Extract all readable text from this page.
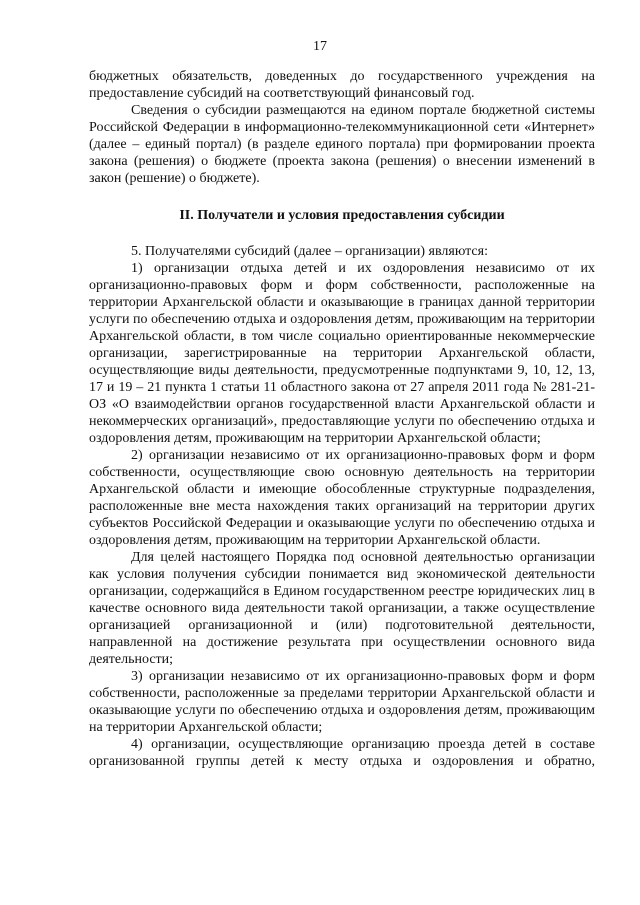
17

бюджетных обязательств, доведенных до государственного учреждения на предоставление субсидий на соответствующий финансовый год.

Сведения о субсидии размещаются на едином портале бюджетной системы Российской Федерации в информационно-телекоммуникационной сети «Интернет» (далее – единый портал) (в разделе единого портала) при формировании проекта закона (решения) о бюджете (проекта закона (решения) о внесении изменений в закон (решение) о бюджете).

II. Получатели и условия предоставления субсидии

5. Получателями субсидий (далее – организации) являются:

1) организации отдыха детей и их оздоровления независимо от их организационно-правовых форм и форм собственности, расположенные на территории Архангельской области и оказывающие в границах данной территории услуги по обеспечению отдыха и оздоровления детям, проживающим на территории Архангельской области, в том числе социально ориентированные некоммерческие организации, зарегистрированные на территории Архангельской области, осуществляющие виды деятельности, предусмотренные подпунктами 9, 10, 12, 13, 17 и 19 – 21 пункта 1 статьи 11 областного закона от 27 апреля 2011 года № 281-21-ОЗ «О взаимодействии органов государственной власти Архангельской области и некоммерческих организаций», предоставляющие услуги по обеспечению отдыха и оздоровления детям, проживающим на территории Архангельской области;

2) организации независимо от их организационно-правовых форм и форм собственности, осуществляющие свою основную деятельность на территории Архангельской области и имеющие обособленные структурные подразделения, расположенные вне места нахождения таких организаций на территории других субъектов Российской Федерации и оказывающие услуги по обеспечению отдыха и оздоровления детям, проживающим на территории Архангельской области.

Для целей настоящего Порядка под основной деятельностью организации как условия получения субсидии понимается вид экономической деятельности организации, содержащийся в Едином государственном реестре юридических лиц в качестве основного вида деятельности такой организации, а также осуществление организацией организационной и (или) подготовительной деятельности, направленной на достижение результата при осуществлении основного вида деятельности;

3) организации независимо от их организационно-правовых форм и форм собственности, расположенные за пределами территории Архангельской области и оказывающие услуги по обеспечению отдыха и оздоровления детям, проживающим на территории Архангельской области;

4) организации, осуществляющие организацию проезда детей в составе организованной группы детей к месту отдыха и оздоровления и обратно,
